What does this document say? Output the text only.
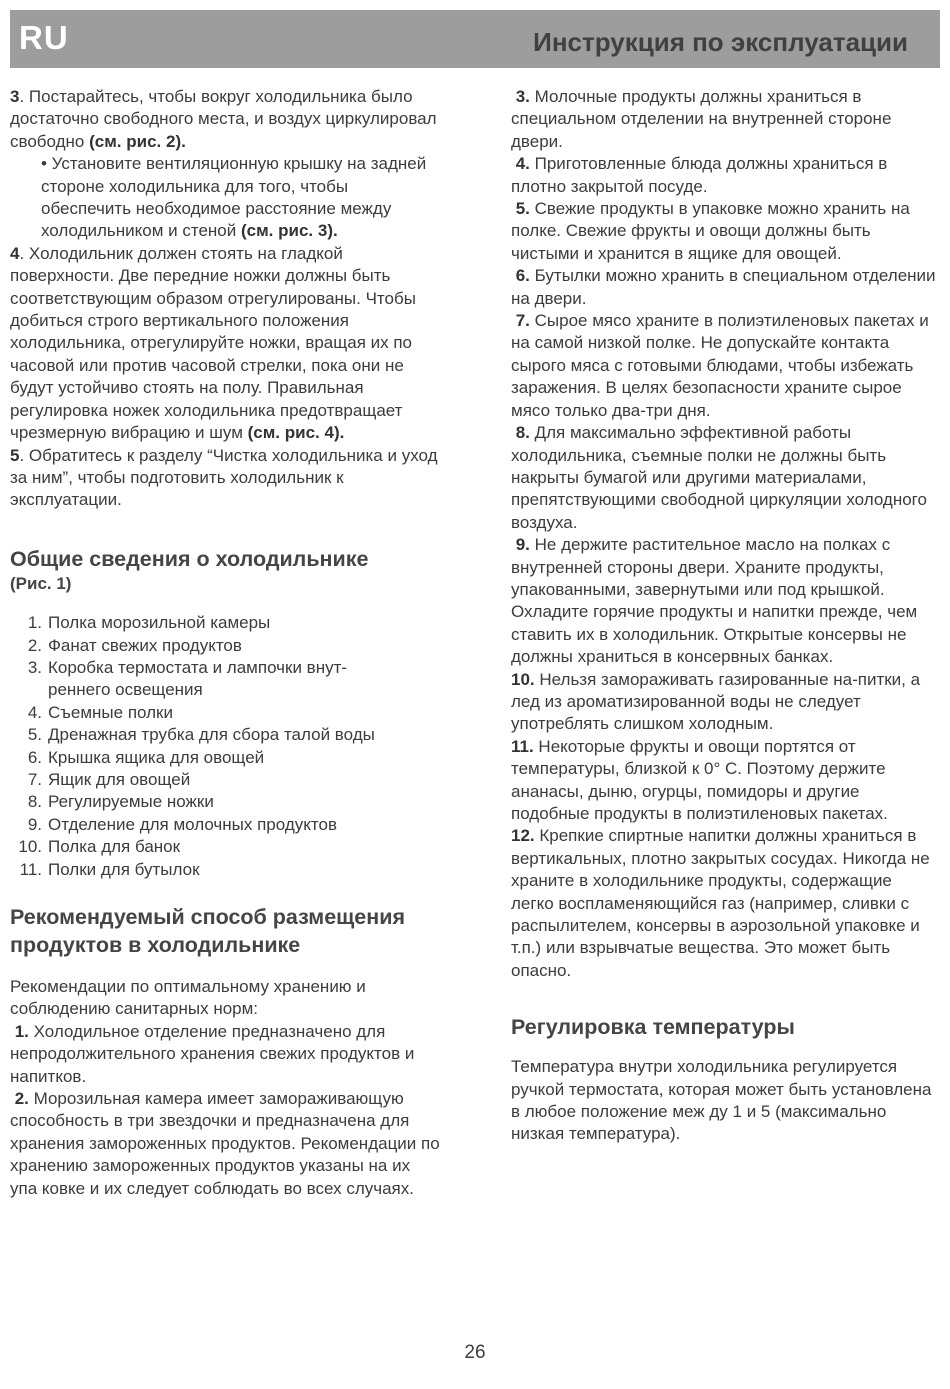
RU	Инструкция по эксплуатации

3. Постарайтесь, чтобы вокруг холодильника было достаточно свободного места, и воздух циркулировал свободно (см. рис. 2).

• Установите вентиляционную крышку на задней стороне холодильника для того, чтобы обеспечить необходимое расстояние между холодильником и стеной (см. рис. 3).

4. Холодильник должен стоять на гладкой поверхности. Две передние ножки должны быть соответствующим образом отрегулированы. Чтобы добиться строго вертикального положения холодильника, отрегулируйте ножки, вращая их по часовой или против часовой стрелки, пока они не будут устойчиво стоять на полу. Правильная регулировка ножек холодильника предотвращает чрезмерную вибрацию и шум (см. рис. 4).

5. Обратитесь к разделу “Чистка холодильника и уход за ним”, чтобы подготовить холодильник к эксплуатации.

Общие сведения о холодильнике
(Рис. 1)
1. Полка морозильной камеры
2. Фанат свежих продуктов
3. Коробка термостата и лампочки внут-
реннего освещения
4. Съемные полки
5. Дренажная трубка для сбора талой воды
6. Крышка ящика для овощей
7. Ящик для овощей
8. Регулируемые ножки
9. Отделение для молочных продуктов
10. Полка для банок
11. Полки для бутылок
Рекомендуемый способ размещения продуктов в холодильнике

Рекомендации по оптимальному хранению и соблюдению санитарных норм:

1. Холодильное отделение предназначено для непродолжительного хранения свежих продуктов и напитков.

2. Морозильная камера имеет замораживающую способность в три звездочки и предназначена для хранения замороженных продуктов. Рекомендации по хранению замороженных продуктов указаны на их упа ковке и их следует соблюдать во всех случаях.

3. Молочные продукты должны храниться в специальном отделении на внутренней стороне двери.

4. Приготовленные блюда должны храниться в плотно закрытой посуде.

5. Свежие продукты в упаковке можно хранить на полке. Свежие фрукты и овощи должны быть чистыми и хранится в ящике для овощей.

6. Бутылки можно хранить в специальном отделении на двери.

7. Сырое мясо храните в полиэтиленовых пакетах и на самой низкой полке. Не допускайте контакта сырого мяса с готовыми блюдами, чтобы избежать заражения. В целях безопасности храните сырое мясо только два-три дня.

8. Для максимально эффективной работы холодильника, съемные полки не должны быть накрыты бумагой или другими материалами, препятствующими свободной циркуляции холодного воздуха.

9. Не держите растительное масло на полках с внутренней стороны двери. Храните продукты, упакованными, завернутыми или под крышкой. Охладите горячие продукты и напитки прежде, чем ставить их в холодильник. Открытые консервы не должны храниться в консервных банках.

10. Нельзя замораживать газированные на-питки, а лед из ароматизированной воды не следует употреблять слишком холодным.

11. Некоторые фрукты и овощи портятся от температуры, близкой к 0° С. Поэтому держите ананасы, дыню, огурцы, помидоры и другие подобные продукты в полиэтиленовых пакетах.

12. Крепкие спиртные напитки должны храниться в вертикальных, плотно закрытых сосудах. Никогда не храните в холодильнике продукты, содержащие легко воспламеняющийся газ (например, сливки с распылителем, консервы в аэрозольной упаковке и т.п.) или взрывчатые вещества. Это может быть опасно.

Регулировка температуры

Температура внутри холодильника регулируется ручкой термостата, которая может быть установлена в любое положение меж ду 1 и 5 (максимально низкая температура).

26
